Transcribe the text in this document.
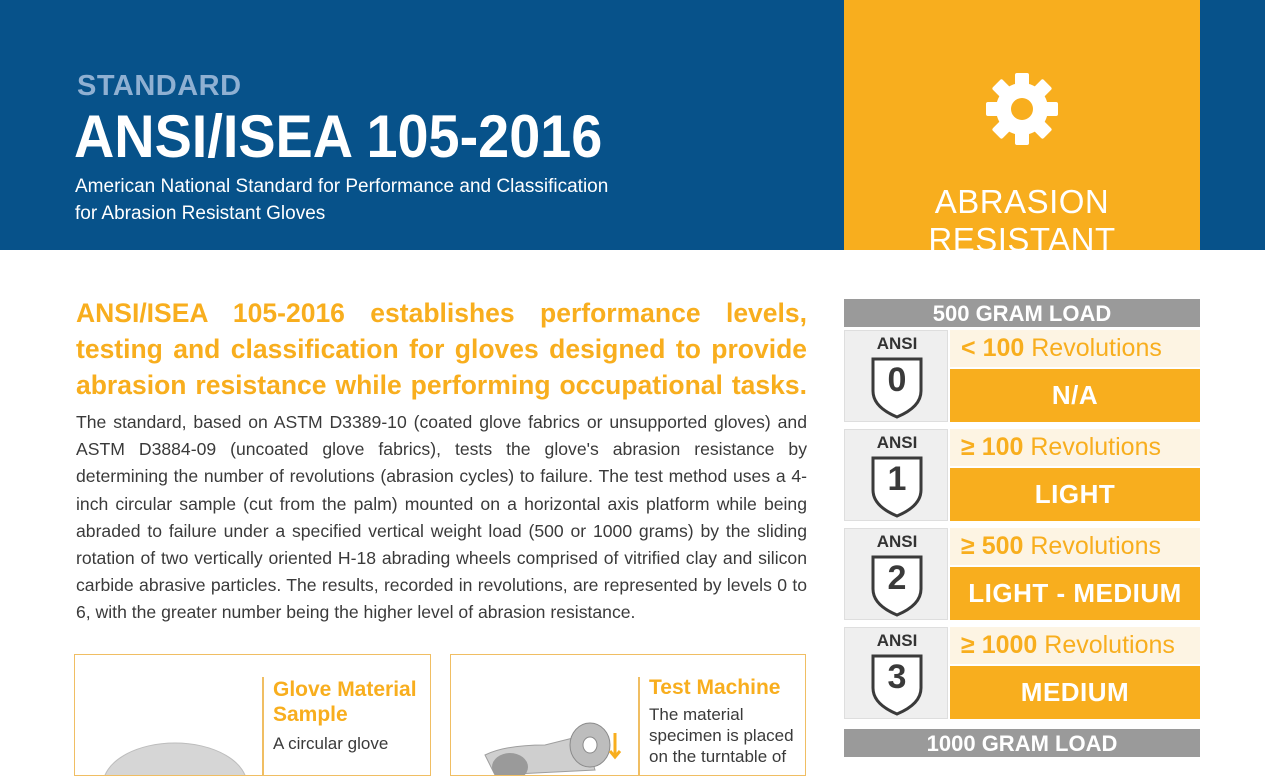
STANDARD
ANSI/ISEA 105-2016
American National Standard for Performance and Classification
for Abrasion Resistant Gloves	ABRASION RESISTANT
ANSI/ISEA 105-2016 establishes performance levels,
testing and classification for gloves designed to provide
abrasion resistance while performing occupational tasks.
The standard, based on ASTM D3389-10 (coated glove fabrics or unsupported gloves) and ASTM D3884-09 (uncoated glove fabrics), tests the glove's abrasion resistance by determining the number of revolutions (abrasion cycles) to failure. The test method uses a 4-inch circular sample (cut from the palm) mounted on a horizontal axis platform while being abraded to failure under a specified vertical weight load (500 or 1000 grams) by the sliding rotation of two vertically oriented H-18 abrading wheels comprised of vitrified clay and silicon carbide abrasive particles. The results, recorded in revolutions, are represented by levels 0 to 6, with the greater number being the higher level of abrasion resistance.
Glove Material
Sample
A circular glove
Test Machine
The material
specimen is placed
on the turntable of
500 GRAM LOAD
ANSI
0
< 100 Revolutions
N/A
ANSI
1
≥ 100 Revolutions
LIGHT
ANSI
2
≥ 500 Revolutions
LIGHT - MEDIUM
ANSI
3
≥ 1000 Revolutions
MEDIUM
1000 GRAM LOAD
